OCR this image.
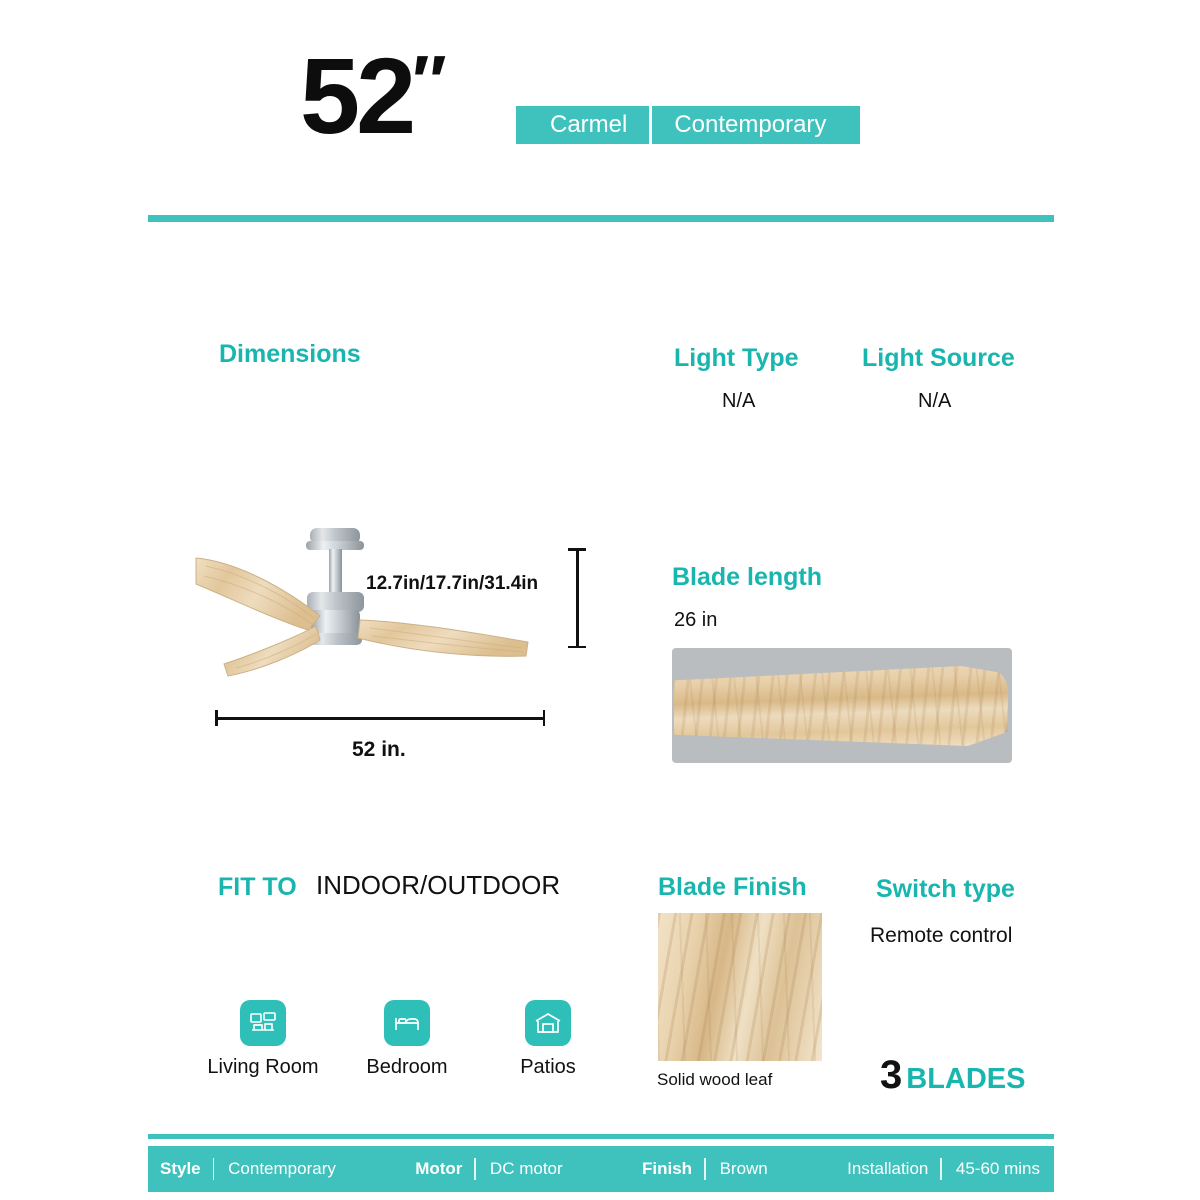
52″
Carmel	Contemporary
Dimensions	Light Type
N/A
Light Source
N/A
12.7in/17.7in/31.4in
52 in.
Blade length
26 in
FIT TO INDOOR/OUTDOOR
Living Room	Bedroom	Patios
Blade Finish
Solid wood leaf
Switch type
Remote control
3 BLADES
Style	Contemporary	Motor	DC motor	Finish	Brown	Installation	45-60 mins
